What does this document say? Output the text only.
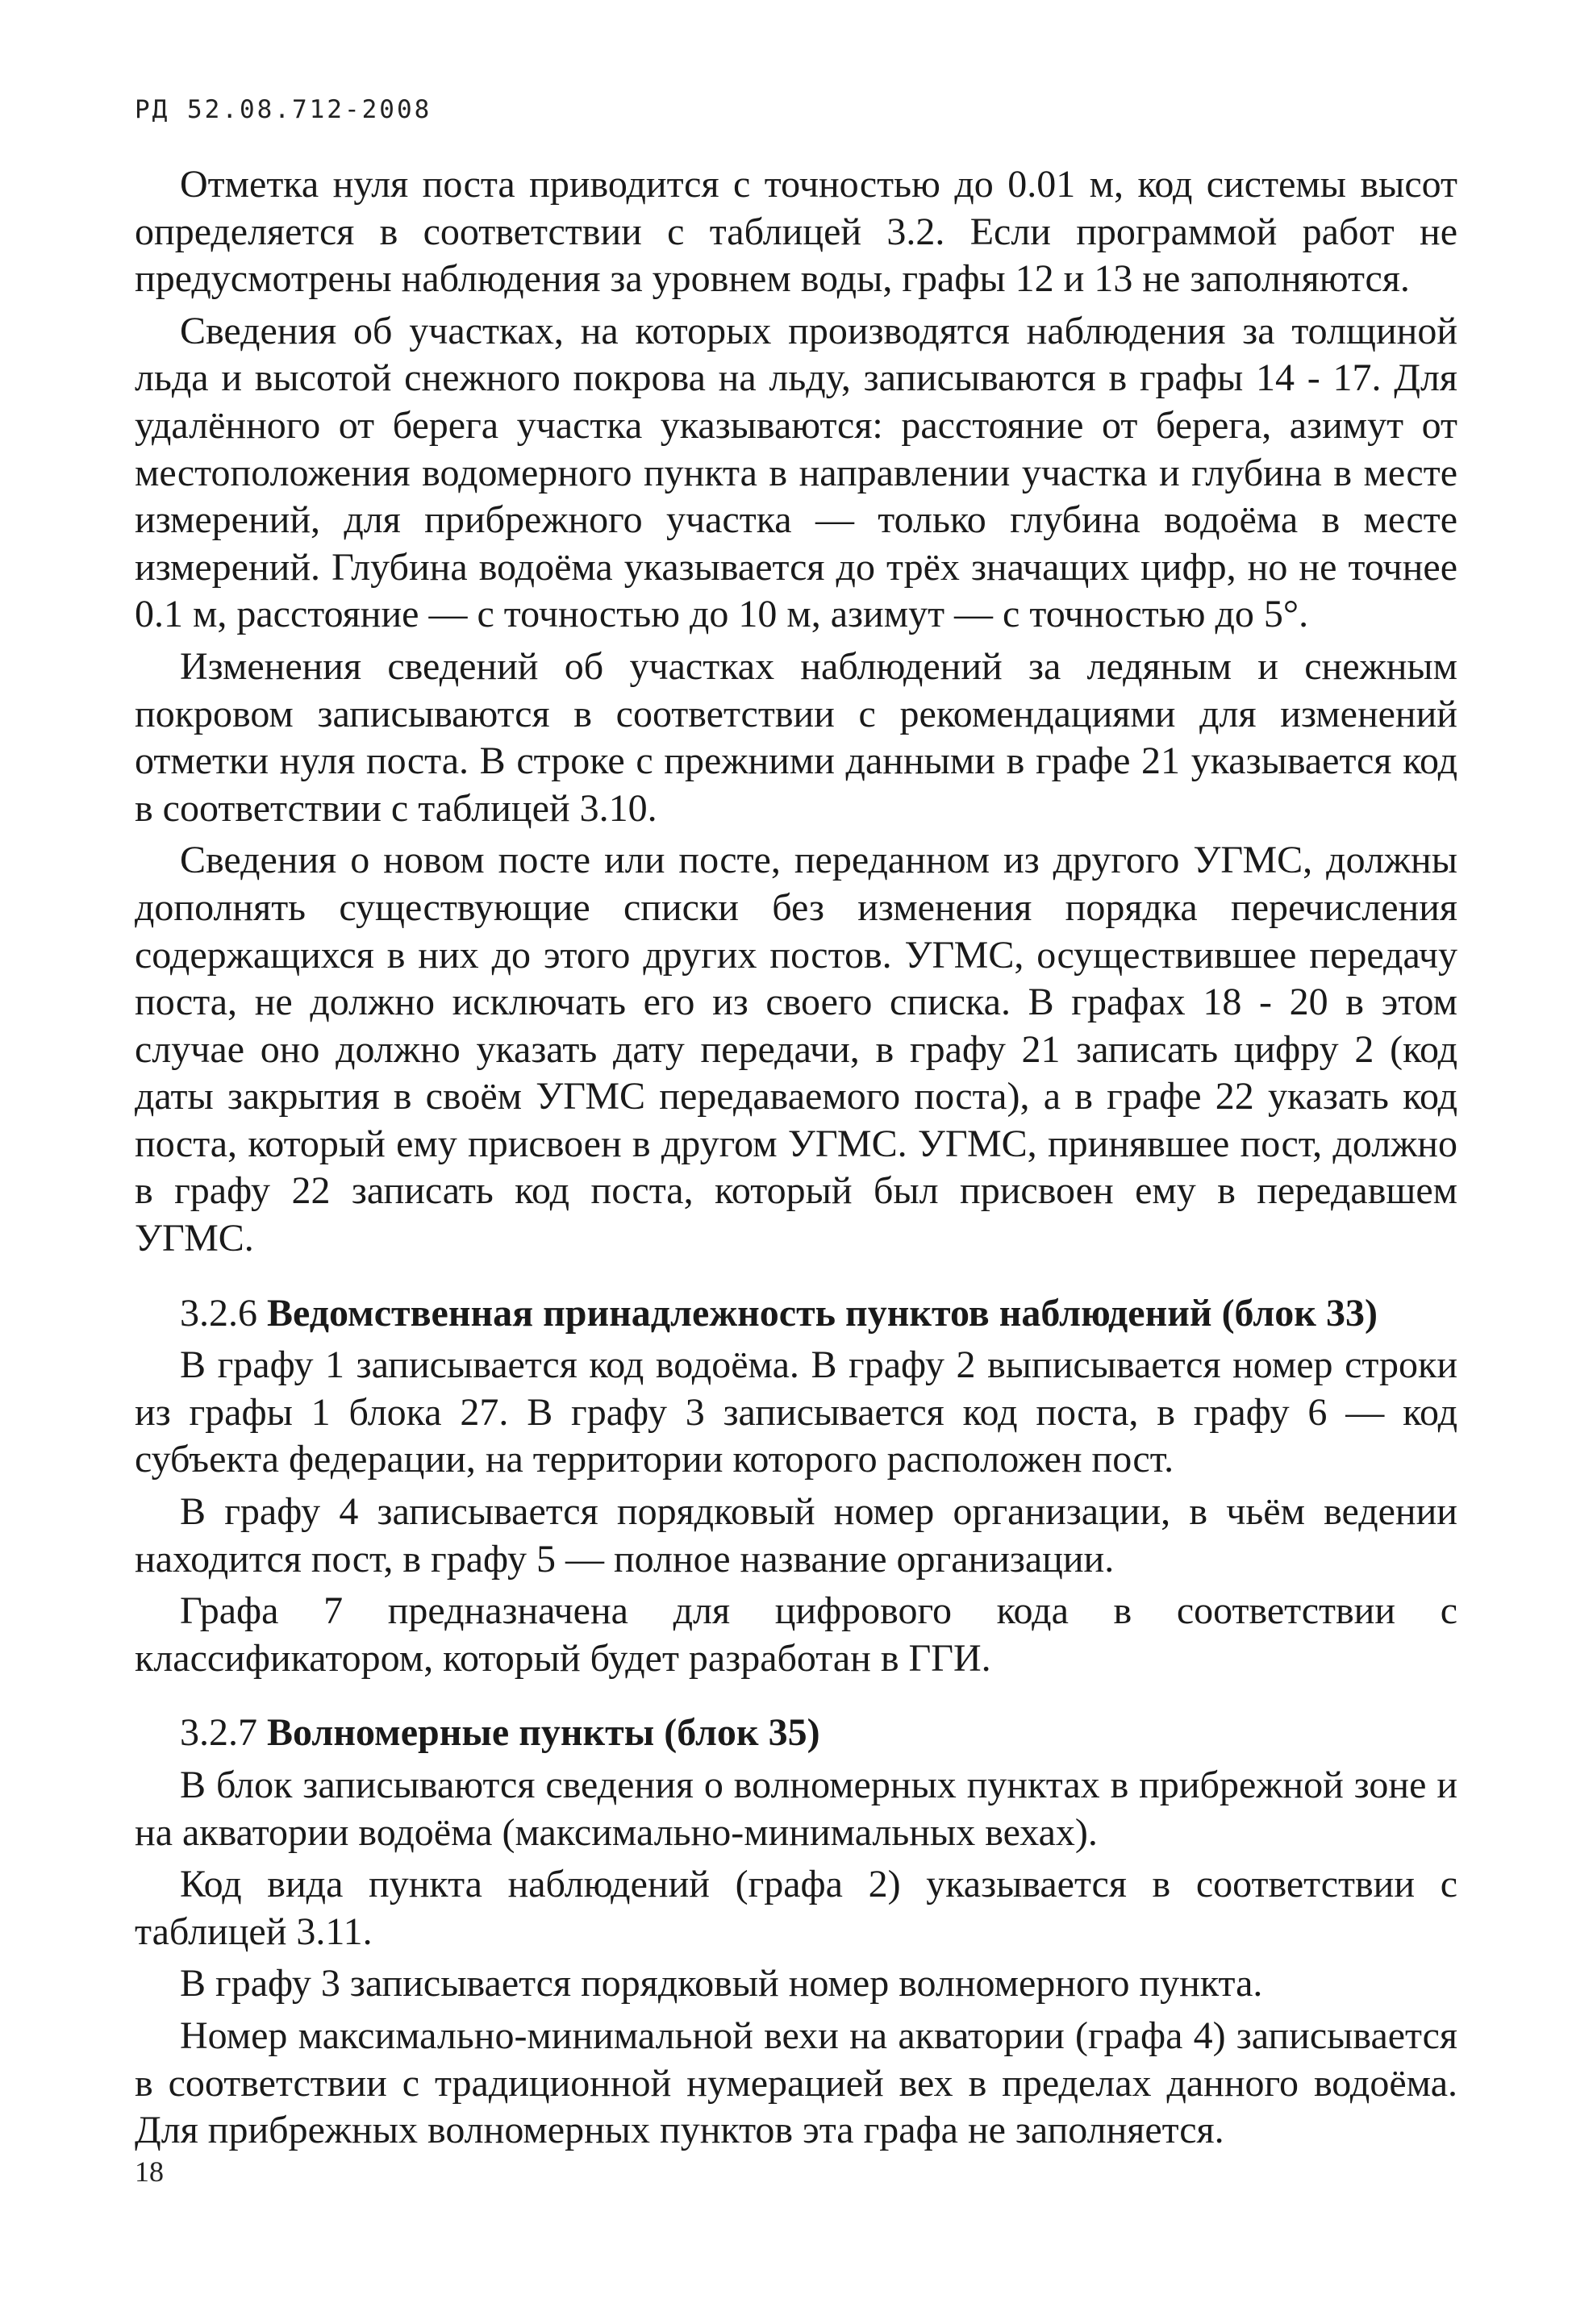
РД 52.08.712-2008

Отметка нуля поста приводится с точностью до 0.01 м, код системы высот определяется в соответствии с таблицей 3.2. Если программой работ не предусмотрены наблюдения за уровнем воды, графы 12 и 13 не заполняются.

Сведения об участках, на которых производятся наблюдения за толщиной льда и высотой снежного покрова на льду, записываются в графы 14 - 17. Для удалённого от берега участка указываются: расстояние от берега, азимут от местоположения водомерного пункта в направлении участка и глубина в месте измерений, для прибрежного участка — только глубина водоёма в месте измерений. Глубина водоёма указывается до трёх значащих цифр, но не точнее 0.1 м, расстояние — с точностью до 10 м, азимут — с точностью до 5°.

Изменения сведений об участках наблюдений за ледяным и снежным покровом записываются в соответствии с рекомендациями для изменений отметки нуля поста. В строке с прежними данными в графе 21 указывается код в соответствии с таблицей 3.10.

Сведения о новом посте или посте, переданном из другого УГМС, должны дополнять существующие списки без изменения порядка перечисления содержащихся в них до этого других постов. УГМС, осуществившее передачу поста, не должно исключать его из своего списка. В графах 18 - 20 в этом случае оно должно указать дату передачи, в графу 21 записать цифру 2 (код даты закрытия в своём УГМС передаваемого поста), а в графе 22 указать код поста, который ему присвоен в другом УГМС. УГМС, принявшее пост, должно в графу 22 записать код поста, который был присвоен ему в передавшем УГМС.

3.2.6 Ведомственная принадлежность пунктов наблюдений (блок 33)

В графу 1 записывается код водоёма. В графу 2 выписывается номер строки из графы 1 блока 27. В графу 3 записывается код поста, в графу 6 — код субъекта федерации, на территории которого расположен пост.

В графу 4 записывается порядковый номер организации, в чьём ведении находится пост, в графу 5 — полное название организации.

Графа 7 предназначена для цифрового кода в соответствии с классификатором, который будет разработан в ГГИ.

3.2.7 Волномерные пункты (блок 35)

В блок записываются сведения о волномерных пунктах в прибрежной зоне и на акватории водоёма (максимально-минимальных вехах).

Код вида пункта наблюдений (графа 2) указывается в соответствии с таблицей 3.11.

В графу 3 записывается порядковый номер волномерного пункта.

Номер максимально-минимальной вехи на акватории (графа 4) записывается в соответствии с традиционной нумерацией вех в пределах данного водоёма. Для прибрежных волномерных пунктов эта графа не заполняется.

18
